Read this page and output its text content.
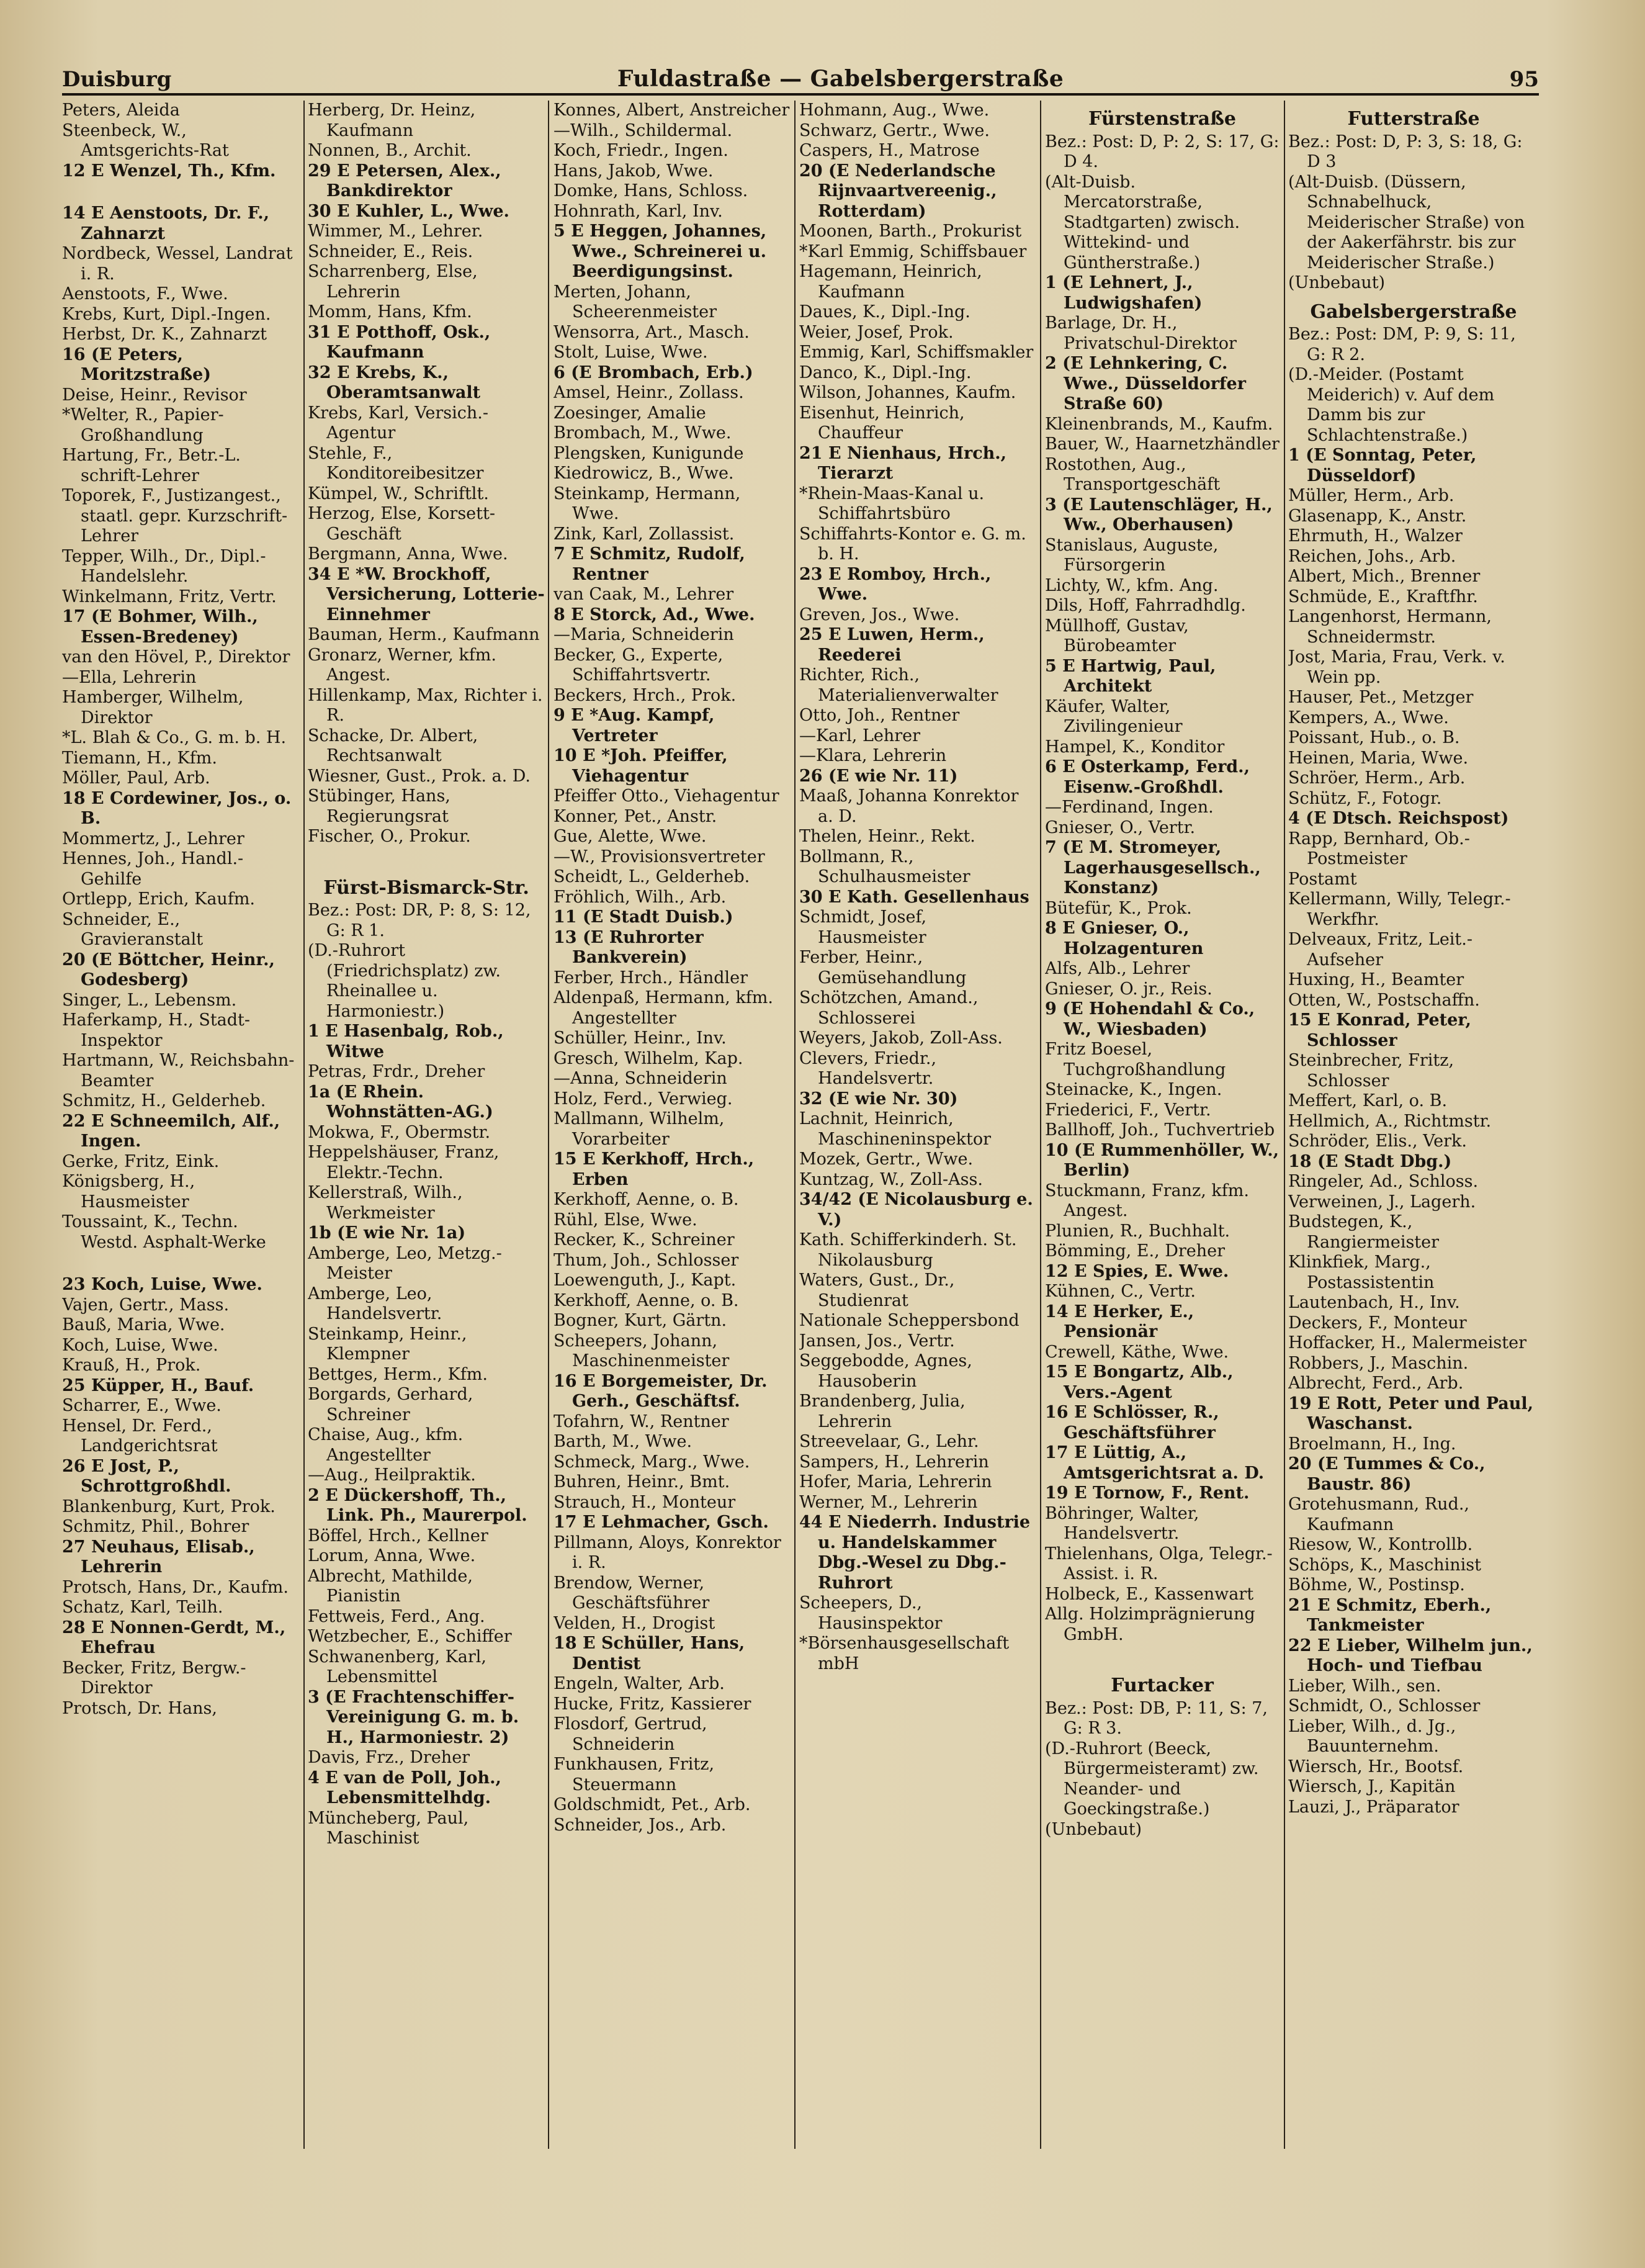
Duisburg	Fuldastraße — Gabelsbergerstraße	95
Peters, Aleida
Steenbeck, W., Amtsgerichts-Rat
12 E Wenzel, Th., Kfm.
14 E Aenstoots, Dr. F., Zahnarzt
Nordbeck, Wessel, Landrat i. R.
Aenstoots, F., Wwe.
Krebs, Kurt, Dipl.-Ingen.
Herbst, Dr. K., Zahnarzt
16 (E Peters, Moritzstraße)
Deise, Heinr., Revisor
*Welter, R., Papier-Großhandlung
Hartung, Fr., Betr.-L. schrift-Lehrer
Toporek, F., Justizangest., staatl. gepr. Kurzschrift-Lehrer
Tepper, Wilh., Dr., Dipl.-Handelslehr.
Winkelmann, Fritz, Vertr.
17 (E Bohmer, Wilh., Essen-Bredeney)
van den Hövel, P., Direktor
—Ella, Lehrerin
Hamberger, Wilhelm, Direktor
*L. Blah & Co., G. m. b. H.
Tiemann, H., Kfm.
Möller, Paul, Arb.
18 E Cordewiner, Jos., o. B.
Mommertz, J., Lehrer
Hennes, Joh., Handl.-Gehilfe
Ortlepp, Erich, Kaufm.
Schneider, E., Gravieranstalt
20 (E Böttcher, Heinr., Godesberg)
Singer, L., Lebensm.
Haferkamp, H., Stadt-Inspektor
Hartmann, W., Reichsbahn-Beamter
Schmitz, H., Gelderheb.
22 E Schneemilch, Alf., Ingen.
Gerke, Fritz, Eink.
Königsberg, H., Hausmeister
Toussaint, K., Techn. Westd. Asphalt-Werke
23 Koch, Luise, Wwe.
Vajen, Gertr., Mass.
Bauß, Maria, Wwe.
Koch, Luise, Wwe.
Krauß, H., Prok.
25 Küpper, H., Bauf.
Scharrer, E., Wwe.
Hensel, Dr. Ferd., Landgerichtsrat
26 E Jost, P., Schrottgroßhdl.
Blankenburg, Kurt, Prok.
Schmitz, Phil., Bohrer
27 Neuhaus, Elisab., Lehrerin
Protsch, Hans, Dr., Kaufm.
Schatz, Karl, Teilh.
28 E Nonnen-Gerdt, M., Ehefrau
Becker, Fritz, Bergw.-Direktor
Protsch, Dr. Hans,
Herberg, Dr. Heinz, Kaufmann
Nonnen, B., Archit.
29 E Petersen, Alex., Bankdirektor
30 E Kuhler, L., Wwe.
Wimmer, M., Lehrer.
Schneider, E., Reis.
Scharrenberg, Else, Lehrerin
Momm, Hans, Kfm.
31 E Potthoff, Osk., Kaufmann
32 E Krebs, K., Oberamtsanwalt
Krebs, Karl, Versich.-Agentur
Stehle, F., Konditoreibesitzer
Kümpel, W., Schriftlt.
Herzog, Else, Korsett-Geschäft
Bergmann, Anna, Wwe.
34 E *W. Brockhoff, Versicherung, Lotterie-Einnehmer
Bauman, Herm., Kaufmann
Gronarz, Werner, kfm. Angest.
Hillenkamp, Max, Richter i. R.
Schacke, Dr. Albert, Rechtsanwalt
Wiesner, Gust., Prok. a. D.
Stübinger, Hans, Regierungsrat
Fischer, O., Prokur.
Fürst-Bismarck-Str.
Bez.: Post: DR, P: 8, S: 12, G: R 1.
(D.-Ruhrort (Friedrichsplatz) zw. Rheinallee u. Harmoniestr.)
1 E Hasenbalg, Rob., Witwe
Petras, Frdr., Dreher
1a (E Rhein. Wohnstätten-AG.)
Mokwa, F., Obermstr.
Heppelshäuser, Franz, Elektr.-Techn.
Kellerstraß, Wilh., Werkmeister
1b (E wie Nr. 1a)
Amberge, Leo, Metzg.-Meister
Amberge, Leo, Handelsvertr.
Steinkamp, Heinr., Klempner
Bettges, Herm., Kfm.
Borgards, Gerhard, Schreiner
Chaise, Aug., kfm. Angestellter
—Aug., Heilpraktik.
2 E Dückershoff, Th., Link. Ph., Maurerpol.
Böffel, Hrch., Kellner
Lorum, Anna, Wwe.
Albrecht, Mathilde, Pianistin
Fettweis, Ferd., Ang.
Wetzbecher, E., Schiffer
Schwanenberg, Karl, Lebensmittel
3 (E Frachtenschiffer-Vereinigung G. m. b. H., Harmoniestr. 2)
Davis, Frz., Dreher
4 E van de Poll, Joh., Lebensmittelhdg.
Müncheberg, Paul, Maschinist
Konnes, Albert, Anstreicher
—Wilh., Schildermal.
Koch, Friedr., Ingen.
Hans, Jakob, Wwe.
Domke, Hans, Schloss.
Hohnrath, Karl, Inv.
5 E Heggen, Johannes, Wwe., Schreinerei u. Beerdigungsinst.
Merten, Johann, Scheerenmeister
Wensorra, Art., Masch.
Stolt, Luise, Wwe.
6 (E Brombach, Erb.)
Amsel, Heinr., Zollass.
Zoesinger, Amalie
Brombach, M., Wwe.
Plengsken, Kunigunde
Kiedrowicz, B., Wwe.
Steinkamp, Hermann, Wwe.
Zink, Karl, Zollassist.
7 E Schmitz, Rudolf, Rentner
van Caak, M., Lehrer
8 E Storck, Ad., Wwe.
—Maria, Schneiderin
Becker, G., Experte, Schiffahrtsvertr.
Beckers, Hrch., Prok.
9 E *Aug. Kampf, Vertreter
10 E *Joh. Pfeiffer, Viehagentur
Pfeiffer Otto., Viehagentur
Konner, Pet., Anstr.
Gue, Alette, Wwe.
—W., Provisionsvertreter
Scheidt, L., Gelderheb.
Fröhlich, Wilh., Arb.
11 (E Stadt Duisb.)
13 (E Ruhrorter Bankverein)
Ferber, Hrch., Händler
Aldenpaß, Hermann, kfm. Angestellter
Schüller, Heinr., Inv.
Gresch, Wilhelm, Kap.
—Anna, Schneiderin
Holz, Ferd., Verwieg.
Mallmann, Wilhelm, Vorarbeiter
15 E Kerkhoff, Hrch., Erben
Kerkhoff, Aenne, o. B.
Rühl, Else, Wwe.
Recker, K., Schreiner
Thum, Joh., Schlosser
Loewenguth, J., Kapt.
Kerkhoff, Aenne, o. B.
Bogner, Kurt, Gärtn.
Scheepers, Johann, Maschinenmeister
16 E Borgemeister, Dr. Gerh., Geschäftsf.
Tofahrn, W., Rentner
Barth, M., Wwe.
Schmeck, Marg., Wwe.
Buhren, Heinr., Bmt.
Strauch, H., Monteur
17 E Lehmacher, Gsch.
Pillmann, Aloys, Konrektor i. R.
Brendow, Werner, Geschäftsführer
Velden, H., Drogist
18 E Schüller, Hans, Dentist
Engeln, Walter, Arb.
Hucke, Fritz, Kassierer
Flosdorf, Gertrud, Schneiderin
Funkhausen, Fritz, Steuermann
Goldschmidt, Pet., Arb.
Schneider, Jos., Arb.
Hohmann, Aug., Wwe.
Schwarz, Gertr., Wwe.
Caspers, H., Matrose
20 (E Nederlandsche Rijnvaartvereenig., Rotterdam)
Moonen, Barth., Prokurist
*Karl Emmig, Schiffsbauer
Hagemann, Heinrich, Kaufmann
Daues, K., Dipl.-Ing.
Weier, Josef, Prok.
Emmig, Karl, Schiffsmakler
Danco, K., Dipl.-Ing.
Wilson, Johannes, Kaufm.
Eisenhut, Heinrich, Chauffeur
21 E Nienhaus, Hrch., Tierarzt
*Rhein-Maas-Kanal u. Schiffahrtsbüro
Schiffahrts-Kontor e. G. m. b. H.
23 E Romboy, Hrch., Wwe.
Greven, Jos., Wwe.
25 E Luwen, Herm., Reederei
Richter, Rich., Materialienverwalter
Otto, Joh., Rentner
—Karl, Lehrer
—Klara, Lehrerin
26 (E wie Nr. 11)
Maaß, Johanna Konrektor a. D.
Thelen, Heinr., Rekt.
Bollmann, R., Schulhausmeister
30 E Kath. Gesellenhaus
Schmidt, Josef, Hausmeister
Ferber, Heinr., Gemüsehandlung
Schötzchen, Amand., Schlosserei
Weyers, Jakob, Zoll-Ass.
Clevers, Friedr., Handelsvertr.
32 (E wie Nr. 30)
Lachnit, Heinrich, Maschineninspektor
Mozek, Gertr., Wwe.
Kuntzag, W., Zoll-Ass.
34/42 (E Nicolausburg e. V.)
Kath. Schifferkinderh. St. Nikolausburg
Waters, Gust., Dr., Studienrat
Nationale Scheppersbond
Jansen, Jos., Vertr.
Seggebodde, Agnes, Hausoberin
Brandenberg, Julia, Lehrerin
Streevelaar, G., Lehr.
Sampers, H., Lehrerin
Hofer, Maria, Lehrerin
Werner, M., Lehrerin
44 E Niederrh. Industrie u. Handelskammer Dbg.-Wesel zu Dbg.-Ruhrort
Scheepers, D., Hausinspektor
*Börsenhausgesellschaft mbH
Fürstenstraße
Bez.: Post: D, P: 2, S: 17, G: D 4.
(Alt-Duisb. Mercatorstraße, Stadtgarten) zwisch. Wittekind- und Güntherstraße.)
1 (E Lehnert, J., Ludwigshafen)
Barlage, Dr. H., Privatschul-Direktor
2 (E Lehnkering, C. Wwe., Düsseldorfer Straße 60)
Kleinenbrands, M., Kaufm.
Bauer, W., Haarnetzhändler
Rostothen, Aug., Transportgeschäft
3 (E Lautenschläger, H., Ww., Oberhausen)
Stanislaus, Auguste, Fürsorgerin
Lichty, W., kfm. Ang.
Dils, Hoff, Fahrradhdlg.
Müllhoff, Gustav, Bürobeamter
5 E Hartwig, Paul, Architekt
Käufer, Walter, Zivilingenieur
Hampel, K., Konditor
6 E Osterkamp, Ferd., Eisenw.-Großhdl.
—Ferdinand, Ingen.
Gnieser, O., Vertr.
7 (E M. Stromeyer, Lagerhausgesellsch., Konstanz)
Bütefür, K., Prok.
8 E Gnieser, O., Holzagenturen
Alfs, Alb., Lehrer
Gnieser, O. jr., Reis.
9 (E Hohendahl & Co., W., Wiesbaden)
Fritz Boesel, Tuchgroßhandlung
Steinacke, K., Ingen.
Friederici, F., Vertr.
Ballhoff, Joh., Tuchvertrieb
10 (E Rummenhöller, W., Berlin)
Stuckmann, Franz, kfm. Angest.
Plunien, R., Buchhalt.
Bömming, E., Dreher
12 E Spies, E. Wwe.
Kühnen, C., Vertr.
14 E Herker, E., Pensionär
Crewell, Käthe, Wwe.
15 E Bongartz, Alb., Vers.-Agent
16 E Schlösser, R., Geschäftsführer
17 E Lüttig, A., Amtsgerichtsrat a. D.
19 E Tornow, F., Rent.
Böhringer, Walter, Handelsvertr.
Thielenhans, Olga, Telegr.-Assist. i. R.
Holbeck, E., Kassenwart
Allg. Holzimprägnierung GmbH.
Furtacker
Bez.: Post: DB, P: 11, S: 7, G: R 3.
(D.-Ruhrort (Beeck, Bürgermeisteramt) zw. Neander- und Goeckingstraße.)
(Unbebaut)
Futterstraße
Bez.: Post: D, P: 3, S: 18, G: D 3
(Alt-Duisb. (Düssern, Schnabelhuck, Meiderischer Straße) von der Aakerfährstr. bis zur Meiderischer Straße.)
(Unbebaut)
Gabelsbergerstraße
Bez.: Post: DM, P: 9, S: 11, G: R 2.
(D.-Meider. (Postamt Meiderich) v. Auf dem Damm bis zur Schlachtenstraße.)
1 (E Sonntag, Peter, Düsseldorf)
Müller, Herm., Arb.
Glasenapp, K., Anstr.
Ehrmuth, H., Walzer
Reichen, Johs., Arb.
Albert, Mich., Brenner
Schmüde, E., Kraftfhr.
Langenhorst, Hermann, Schneidermstr.
Jost, Maria, Frau, Verk. v. Wein pp.
Hauser, Pet., Metzger
Kempers, A., Wwe.
Poissant, Hub., o. B.
Heinen, Maria, Wwe.
Schröer, Herm., Arb.
Schütz, F., Fotogr.
4 (E Dtsch. Reichspost)
Rapp, Bernhard, Ob.-Postmeister
Postamt
Kellermann, Willy, Telegr.-Werkfhr.
Delveaux, Fritz, Leit.-Aufseher
Huxing, H., Beamter
Otten, W., Postschaffn.
15 E Konrad, Peter, Schlosser
Steinbrecher, Fritz, Schlosser
Meffert, Karl, o. B.
Hellmich, A., Richtmstr.
Schröder, Elis., Verk.
18 (E Stadt Dbg.)
Ringeler, Ad., Schloss.
Verweinen, J., Lagerh.
Budstegen, K., Rangiermeister
Klinkfiek, Marg., Postassistentin
Lautenbach, H., Inv.
Deckers, F., Monteur
Hoffacker, H., Malermeister
Robbers, J., Maschin.
Albrecht, Ferd., Arb.
19 E Rott, Peter und Paul, Waschanst.
Broelmann, H., Ing.
20 (E Tummes & Co., Baustr. 86)
Grotehusmann, Rud., Kaufmann
Riesow, W., Kontrollb.
Schöps, K., Maschinist
Böhme, W., Postinsp.
21 E Schmitz, Eberh., Tankmeister
22 E Lieber, Wilhelm jun., Hoch- und Tiefbau
Lieber, Wilh., sen.
Schmidt, O., Schlosser
Lieber, Wilh., d. Jg., Bauunternehm.
Wiersch, Hr., Bootsf.
Wiersch, J., Kapitän
Lauzi, J., Präparator
